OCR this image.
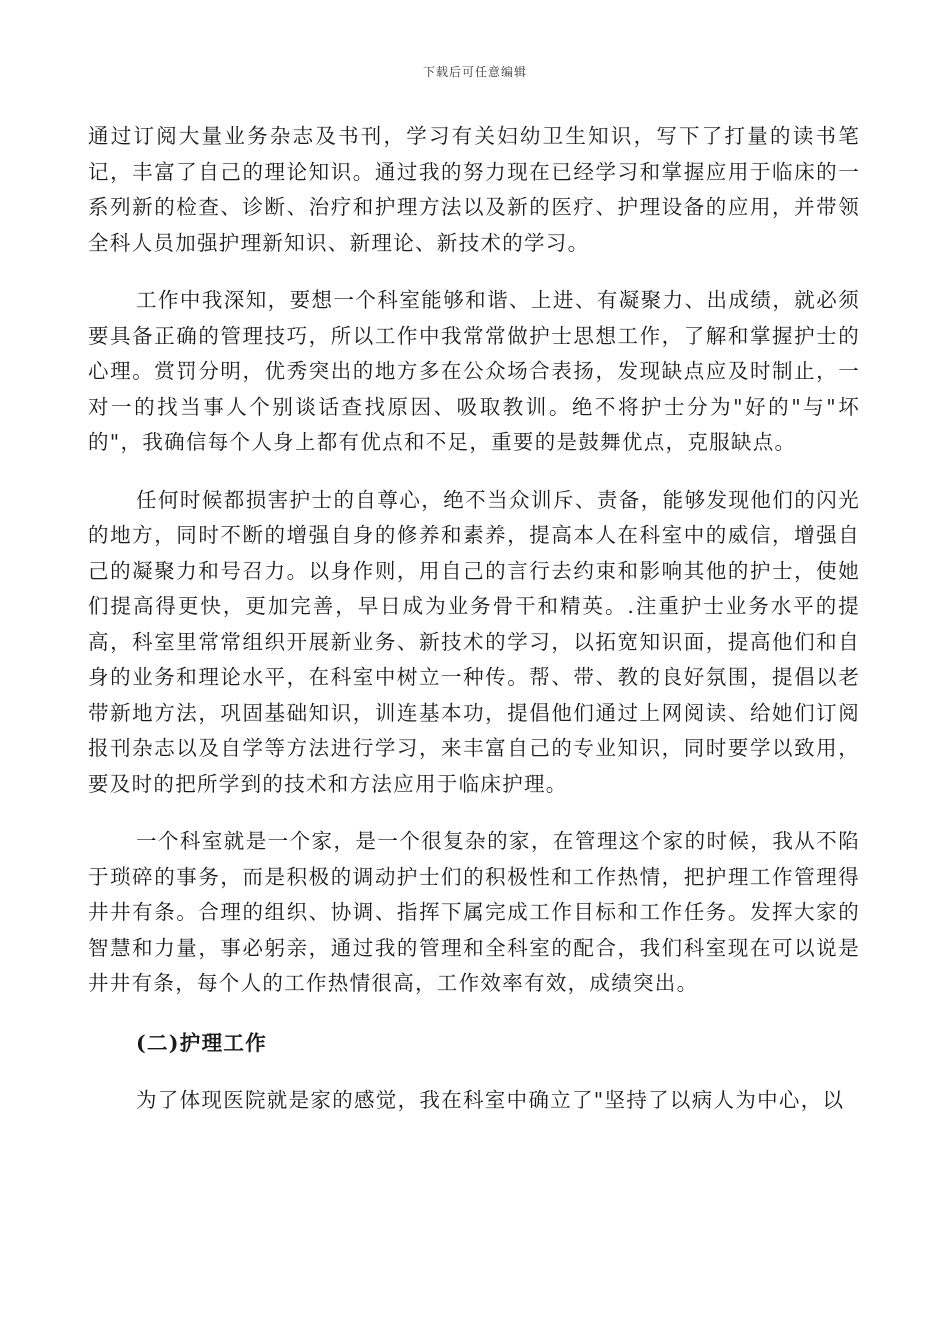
下载后可任意编辑

通过订阅大量业务杂志及书刊，学习有关妇幼卫生知识，写下了打量的读书笔记，丰富了自己的理论知识。通过我的努力现在已经学习和掌握应用于临床的一系列新的检查、诊断、治疗和护理方法以及新的医疗、护理设备的应用，并带领全科人员加强护理新知识、新理论、新技术的学习。

工作中我深知，要想一个科室能够和谐、上进、有凝聚力、出成绩，就必须要具备正确的管理技巧，所以工作中我常常做护士思想工作，了解和掌握护士的心理。赏罚分明，优秀突出的地方多在公众场合表扬，发现缺点应及时制止，一对一的找当事人个别谈话查找原因、吸取教训。绝不将护士分为"好的"与"坏的"，我确信每个人身上都有优点和不足，重要的是鼓舞优点，克服缺点。

任何时候都损害护士的自尊心，绝不当众训斥、责备，能够发现他们的闪光的地方，同时不断的增强自身的修养和素养，提高本人在科室中的威信，增强自己的凝聚力和号召力。以身作则，用自己的言行去约束和影响其他的护士，使她们提高得更快，更加完善，早日成为业务骨干和精英。.注重护士业务水平的提高，科室里常常组织开展新业务、新技术的学习，以拓宽知识面，提高他们和自身的业务和理论水平，在科室中树立一种传。帮、带、教的良好氛围，提倡以老带新地方法，巩固基础知识，训连基本功，提倡他们通过上网阅读、给她们订阅报刊杂志以及自学等方法进行学习，来丰富自己的专业知识，同时要学以致用，要及时的把所学到的技术和方法应用于临床护理。

一个科室就是一个家，是一个很复杂的家，在管理这个家的时候，我从不陷于琐碎的事务，而是积极的调动护士们的积极性和工作热情，把护理工作管理得井井有条。合理的组织、协调、指挥下属完成工作目标和工作任务。发挥大家的智慧和力量，事必躬亲，通过我的管理和全科室的配合，我们科室现在可以说是井井有条，每个人的工作热情很高，工作效率有效，成绩突出。

(二)护理工作

为了体现医院就是家的感觉，我在科室中确立了"坚持了以病人为中心，以
